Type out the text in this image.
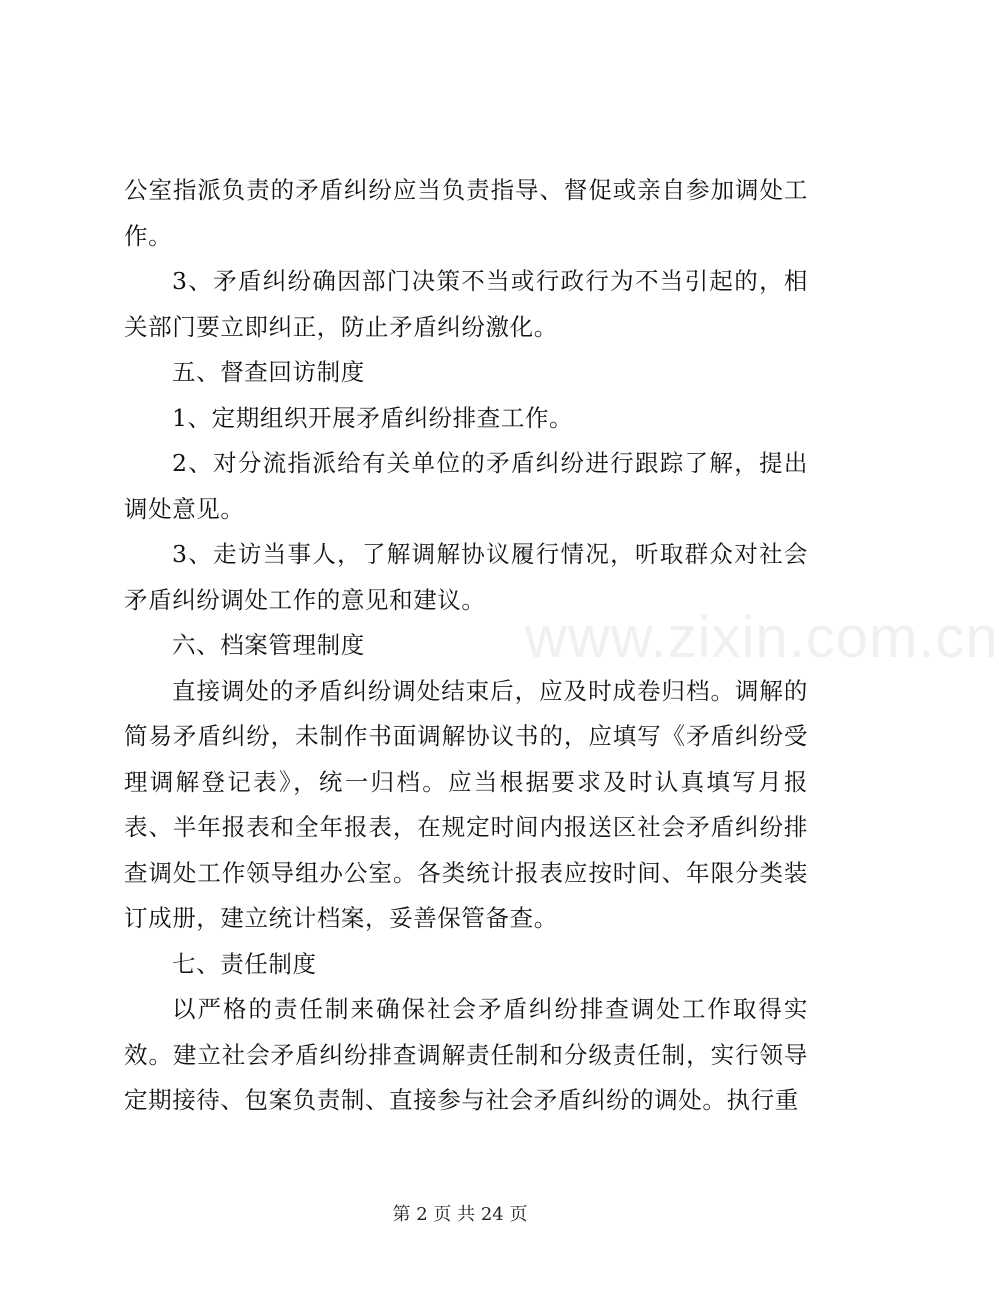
公室指派负责的矛盾纠纷应当负责指导、督促或亲自参加调处工作。

3、矛盾纠纷确因部门决策不当或行政行为不当引起的，相关部门要立即纠正，防止矛盾纠纷激化。

五、督查回访制度

1、定期组织开展矛盾纠纷排查工作。

2、对分流指派给有关单位的矛盾纠纷进行跟踪了解，提出调处意见。

3、走访当事人，了解调解协议履行情况，听取群众对社会矛盾纠纷调处工作的意见和建议。

六、档案管理制度

直接调处的矛盾纠纷调处结束后，应及时成卷归档。调解的简易矛盾纠纷，未制作书面调解协议书的，应填写《矛盾纠纷受理调解登记表》，统一归档。应当根据要求及时认真填写月报表、半年报表和全年报表，在规定时间内报送区社会矛盾纠纷排查调处工作领导组办公室。各类统计报表应按时间、年限分类装订成册，建立统计档案，妥善保管备查。

七、责任制度

以严格的责任制来确保社会矛盾纠纷排查调处工作取得实效。建立社会矛盾纠纷排查调解责任制和分级责任制，实行领导定期接待、包案负责制、直接参与社会矛盾纠纷的调处。执行重

www.zixin.com.cn
第 2 页 共 24 页
